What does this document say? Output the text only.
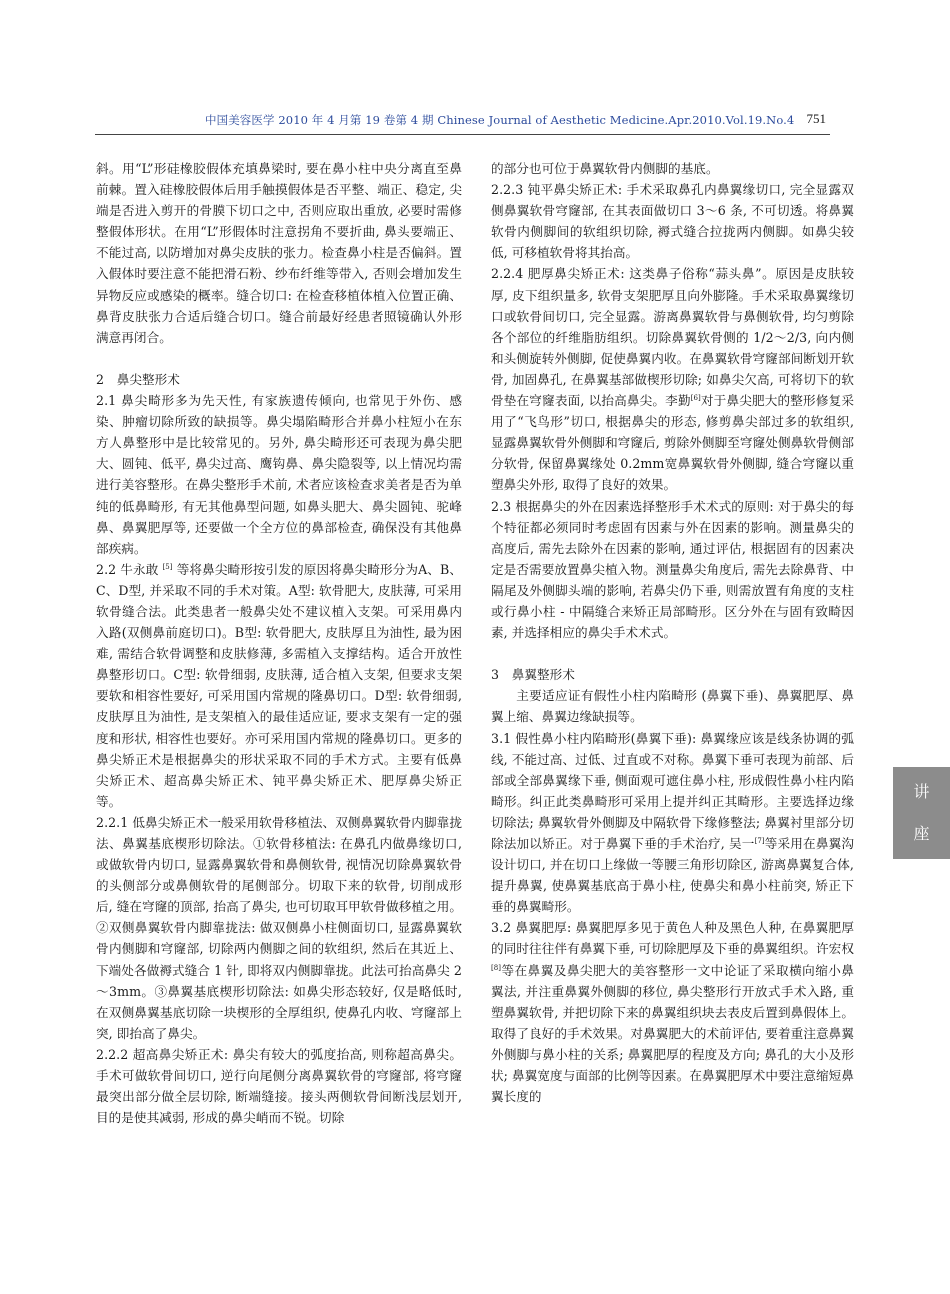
中国美容医学 2010 年 4 月第 19 卷第 4 期 Chinese Journal of Aesthetic Medicine.Apr.2010.Vol.19.No.4 751

斜。用“L”形硅橡胶假体充填鼻梁时, 要在鼻小柱中央分离直至鼻前棘。置入硅橡胶假体后用手触摸假体是否平整、端正、稳定, 尖端是否进入剪开的骨膜下切口之中, 否则应取出重放, 必要时需修整假体形状。在用“L”形假体时注意拐角不要折曲, 鼻头要端正、不能过高, 以防增加对鼻尖皮肤的张力。检查鼻小柱是否偏斜。置入假体时要注意不能把滑石粉、纱布纤维等带入, 否则会增加发生异物反应或感染的概率。缝合切口: 在检查移植体植入位置正确、鼻背皮肤张力合适后缝合切口。缝合前最好经患者照镜确认外形满意再闭合。

2　鼻尖整形术

2.1 鼻尖畸形多为先天性, 有家族遗传倾向, 也常见于外伤、感染、肿瘤切除所致的缺损等。鼻尖塌陷畸形合并鼻小柱短小在东方人鼻整形中是比较常见的。另外, 鼻尖畸形还可表现为鼻尖肥大、圆钝、低平, 鼻尖过高、鹰钩鼻、鼻尖隐裂等, 以上情况均需进行美容整形。在鼻尖整形手术前, 术者应该检查求美者是否为单纯的低鼻畸形, 有无其他鼻型问题, 如鼻头肥大、鼻尖圆钝、驼峰鼻、鼻翼肥厚等, 还要做一个全方位的鼻部检查, 确保没有其他鼻部疾病。

2.2 牛永敢 [5] 等将鼻尖畸形按引发的原因将鼻尖畸形分为A、B、C、D型, 并采取不同的手术对策。A型: 软骨肥大, 皮肤薄, 可采用软骨缝合法。此类患者一般鼻尖处不建议植入支架。可采用鼻内入路(双侧鼻前庭切口)。B型: 软骨肥大, 皮肤厚且为油性, 最为困难, 需结合软骨调整和皮肤修薄, 多需植入支撑结构。适合开放性鼻整形切口。C型: 软骨细弱, 皮肤薄, 适合植入支架, 但要求支架要软和相容性要好, 可采用国内常规的隆鼻切口。D型: 软骨细弱, 皮肤厚且为油性, 是支架植入的最佳适应证, 要求支架有一定的强度和形状, 相容性也要好。亦可采用国内常规的隆鼻切口。更多的鼻尖矫正术是根据鼻尖的形状采取不同的手术方式。主要有低鼻尖矫正术、超高鼻尖矫正术、钝平鼻尖矫正术、肥厚鼻尖矫正等。

2.2.1 低鼻尖矫正术一般采用软骨移植法、双侧鼻翼软骨内脚靠拢法、鼻翼基底楔形切除法。①软骨移植法: 在鼻孔内做鼻缘切口, 或做软骨内切口, 显露鼻翼软骨和鼻侧软骨, 视情况切除鼻翼软骨的头侧部分或鼻侧软骨的尾侧部分。切取下来的软骨, 切削成形后, 缝在穹窿的顶部, 抬高了鼻尖, 也可切取耳甲软骨做移植之用。②双侧鼻翼软骨内脚靠拢法: 做双侧鼻小柱侧面切口, 显露鼻翼软骨内侧脚和穹窿部, 切除两内侧脚之间的软组织, 然后在其近上、下端处各做褥式缝合 1 针, 即将双内侧脚靠拢。此法可抬高鼻尖 2～3mm。③鼻翼基底楔形切除法: 如鼻尖形态较好, 仅是略低时, 在双侧鼻翼基底切除一块楔形的全厚组织, 使鼻孔内收、穹窿部上突, 即抬高了鼻尖。

2.2.2 超高鼻尖矫正术: 鼻尖有较大的弧度抬高, 则称超高鼻尖。手术可做软骨间切口, 逆行向尾侧分离鼻翼软骨的穹窿部, 将穹窿最突出部分做全层切除, 断端缝接。接头两侧软骨间断浅层划开, 目的是使其减弱, 形成的鼻尖峭而不锐。切除

的部分也可位于鼻翼软骨内侧脚的基底。

2.2.3 钝平鼻尖矫正术: 手术采取鼻孔内鼻翼缘切口, 完全显露双侧鼻翼软骨穹窿部, 在其表面做切口 3～6 条, 不可切透。将鼻翼软骨内侧脚间的软组织切除, 褥式缝合拉拢两内侧脚。如鼻尖较低, 可移植软骨将其抬高。

2.2.4 肥厚鼻尖矫正术: 这类鼻子俗称“蒜头鼻”。原因是皮肤较厚, 皮下组织量多, 软骨支架肥厚且向外膨隆。手术采取鼻翼缘切口或软骨间切口, 完全显露。游离鼻翼软骨与鼻侧软骨, 均匀剪除各个部位的纤维脂肪组织。切除鼻翼软骨侧的 1/2～2/3, 向内侧和头侧旋转外侧脚, 促使鼻翼内收。在鼻翼软骨穹窿部间断划开软骨, 加固鼻孔, 在鼻翼基部做楔形切除; 如鼻尖欠高, 可将切下的软骨垫在穹窿表面, 以抬高鼻尖。李勤[6]对于鼻尖肥大的整形修复采用了“飞鸟形”切口, 根据鼻尖的形态, 修剪鼻尖部过多的软组织, 显露鼻翼软骨外侧脚和穹窿后, 剪除外侧脚至穹窿处侧鼻软骨侧部分软骨, 保留鼻翼缘处 0.2mm宽鼻翼软骨外侧脚, 缝合穹窿以重塑鼻尖外形, 取得了良好的效果。

2.3 根据鼻尖的外在因素选择整形手术术式的原则: 对于鼻尖的每个特征都必须同时考虑固有因素与外在因素的影响。测量鼻尖的高度后, 需先去除外在因素的影响, 通过评估, 根据固有的因素决定是否需要放置鼻尖植入物。测量鼻尖角度后, 需先去除鼻背、中隔尾及外侧脚头端的影响, 若鼻尖仍下垂, 则需放置有角度的支柱或行鼻小柱 - 中隔缝合来矫正局部畸形。区分外在与固有致畸因素, 并选择相应的鼻尖手术术式。

3　鼻翼整形术

主要适应证有假性小柱内陷畸形 (鼻翼下垂)、鼻翼肥厚、鼻翼上缩、鼻翼边缘缺损等。

3.1 假性鼻小柱内陷畸形(鼻翼下垂): 鼻翼缘应该是线条协调的弧线, 不能过高、过低、过直或不对称。鼻翼下垂可表现为前部、后部或全部鼻翼缘下垂, 侧面观可遮住鼻小柱, 形成假性鼻小柱内陷畸形。纠正此类鼻畸形可采用上提并纠正其畸形。主要选择边缘切除法; 鼻翼软骨外侧脚及中隔软骨下缘修整法; 鼻翼衬里部分切除法加以矫正。对于鼻翼下垂的手术治疗, 吴一[7]等采用在鼻翼沟设计切口, 并在切口上缘做一等腰三角形切除区, 游离鼻翼复合体, 提升鼻翼, 使鼻翼基底高于鼻小柱, 使鼻尖和鼻小柱前突, 矫正下垂的鼻翼畸形。

3.2 鼻翼肥厚: 鼻翼肥厚多见于黄色人种及黑色人种, 在鼻翼肥厚的同时往往伴有鼻翼下垂, 可切除肥厚及下垂的鼻翼组织。许宏权[8]等在鼻翼及鼻尖肥大的美容整形一文中论证了采取横向缩小鼻翼法, 并注重鼻翼外侧脚的移位, 鼻尖整形行开放式手术入路, 重塑鼻翼软骨, 并把切除下来的鼻翼组织块去表皮后置到鼻假体上。取得了良好的手术效果。对鼻翼肥大的术前评估, 要着重注意鼻翼外侧脚与鼻小柱的关系; 鼻翼肥厚的程度及方向; 鼻孔的大小及形状; 鼻翼宽度与面部的比例等因素。在鼻翼肥厚术中要注意缩短鼻翼长度的

讲
座
